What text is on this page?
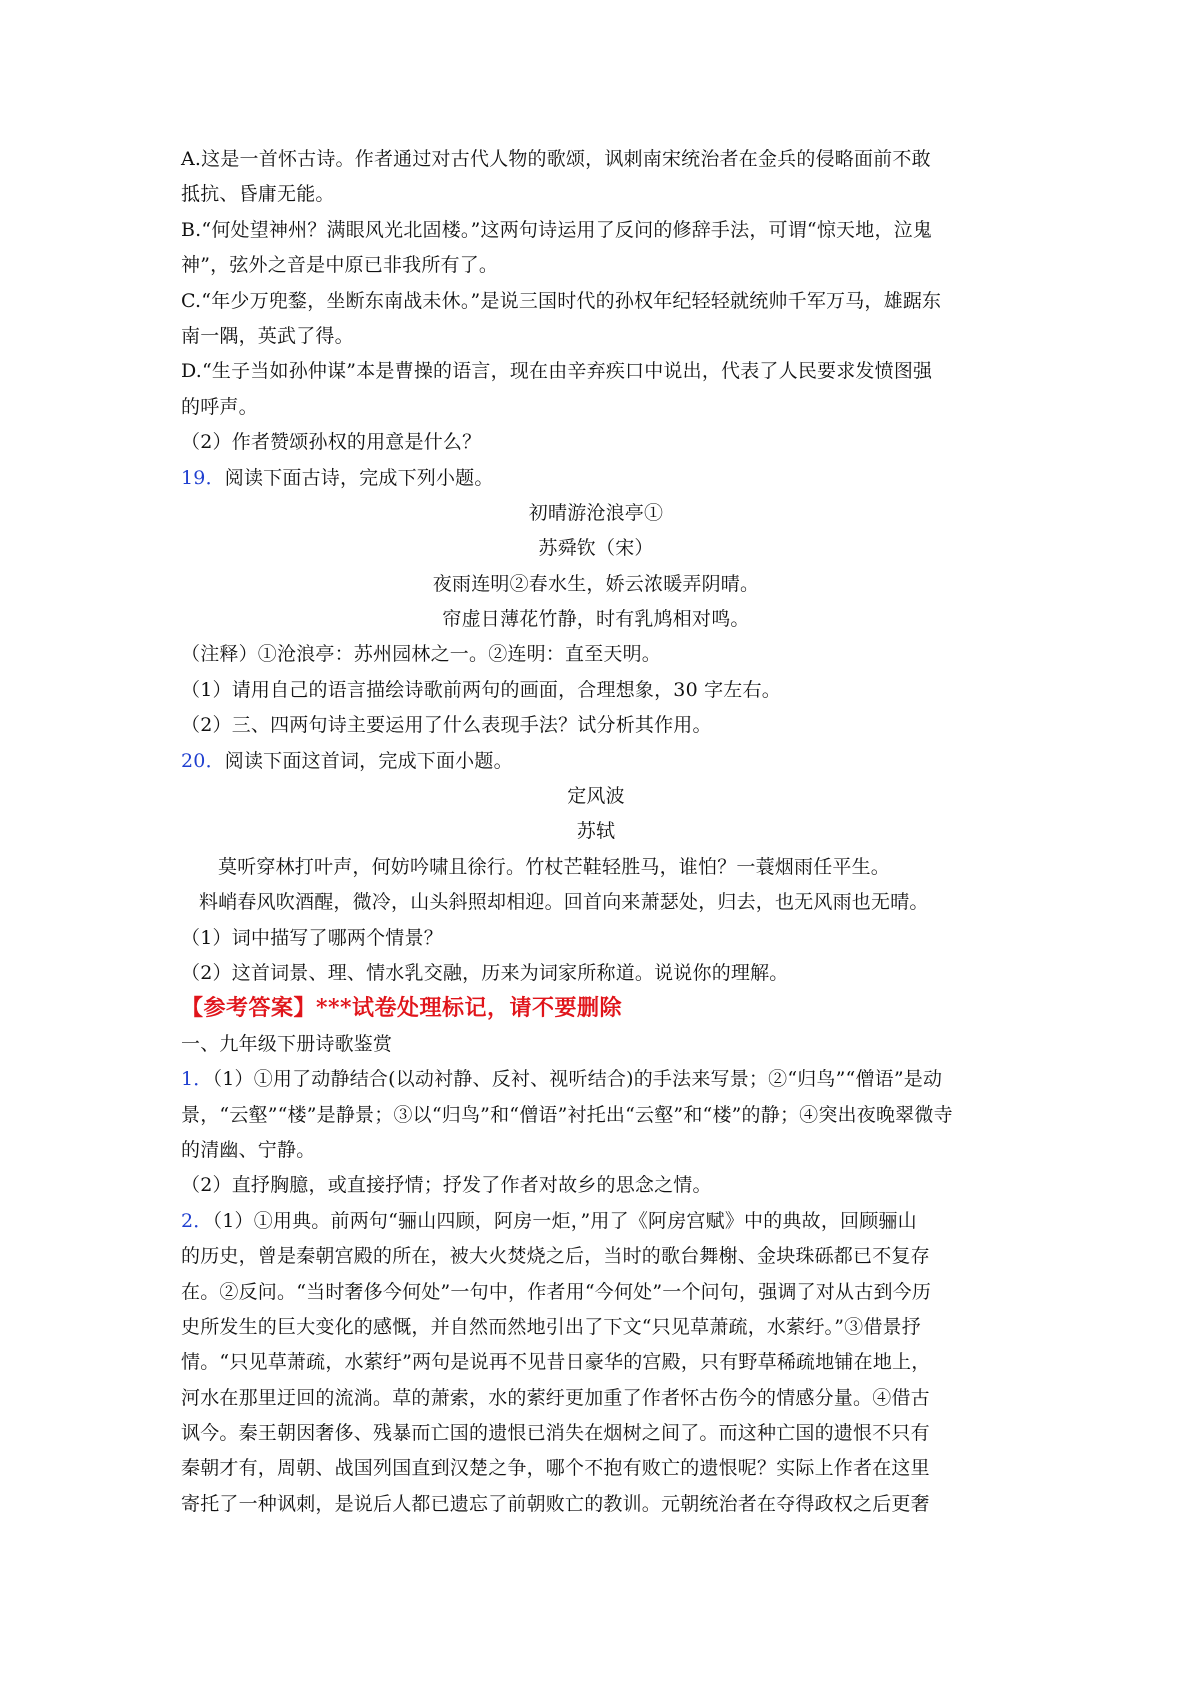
A.这是一首怀古诗。作者通过对古代人物的歌颂，讽刺南宋统治者在金兵的侵略面前不敢
抵抗、昏庸无能。
B.“何处望神州？满眼风光北固楼。”这两句诗运用了反问的修辞手法，可谓“惊天地，泣鬼
神”，弦外之音是中原已非我所有了。
C.“年少万兜鍪，坐断东南战未休。”是说三国时代的孙权年纪轻轻就统帅千军万马，雄踞东
南一隅，英武了得。
D.“生子当如孙仲谋”本是曹操的语言，现在由辛弃疾口中说出，代表了人民要求发愤图强
的呼声。
（2）作者赞颂孙权的用意是什么？
19．阅读下面古诗，完成下列小题。
初晴游沧浪亭①
苏舜钦（宋）
夜雨连明②春水生，娇云浓暖弄阴晴。
帘虚日薄花竹静，时有乳鸠相对鸣。
（注释）①沧浪亭：苏州园林之一。②连明：直至天明。
（1）请用自己的语言描绘诗歌前两句的画面，合理想象，30 字左右。
（2）三、四两句诗主要运用了什么表现手法？试分析其作用。
20．阅读下面这首词，完成下面小题。
定风波
苏轼
莫听穿林打叶声，何妨吟啸且徐行。竹杖芒鞋轻胜马，谁怕？一蓑烟雨任平生。
料峭春风吹酒醒，微冷，山头斜照却相迎。回首向来萧瑟处，归去，也无风雨也无晴。
（1）词中描写了哪两个情景？
（2）这首词景、理、情水乳交融，历来为词家所称道。说说你的理解。
【参考答案】***试卷处理标记，请不要删除
一、九年级下册诗歌鉴赏
1．（1）①用了动静结合(以动衬静、反衬、视听结合)的手法来写景；②“归鸟”“僧语”是动
景，“云壑”“楼”是静景；③以“归鸟”和“僧语”衬托出“云壑”和“楼”的静；④突出夜晚翠微寺
的清幽、宁静。
（2）直抒胸臆，或直接抒情；抒发了作者对故乡的思念之情。
2．（1）①用典。前两句“骊山四顾，阿房一炬，”用了《阿房宫赋》中的典故，回顾骊山
的历史，曾是秦朝宫殿的所在，被大火焚烧之后，当时的歌台舞榭、金块珠砾都已不复存
在。②反问。“当时奢侈今何处”一句中，作者用“今何处”一个问句，强调了对从古到今历
史所发生的巨大变化的感慨，并自然而然地引出了下文“只见草萧疏，水萦纡。”③借景抒
情。“只见草萧疏，水萦纡”两句是说再不见昔日豪华的宫殿，只有野草稀疏地铺在地上，
河水在那里迂回的流淌。草的萧索，水的萦纡更加重了作者怀古伤今的情感分量。④借古
讽今。秦王朝因奢侈、残暴而亡国的遗恨已消失在烟树之间了。而这种亡国的遗恨不只有
秦朝才有，周朝、战国列国直到汉楚之争，哪个不抱有败亡的遗恨呢？实际上作者在这里
寄托了一种讽刺，是说后人都已遗忘了前朝败亡的教训。元朝统治者在夺得政权之后更奢
